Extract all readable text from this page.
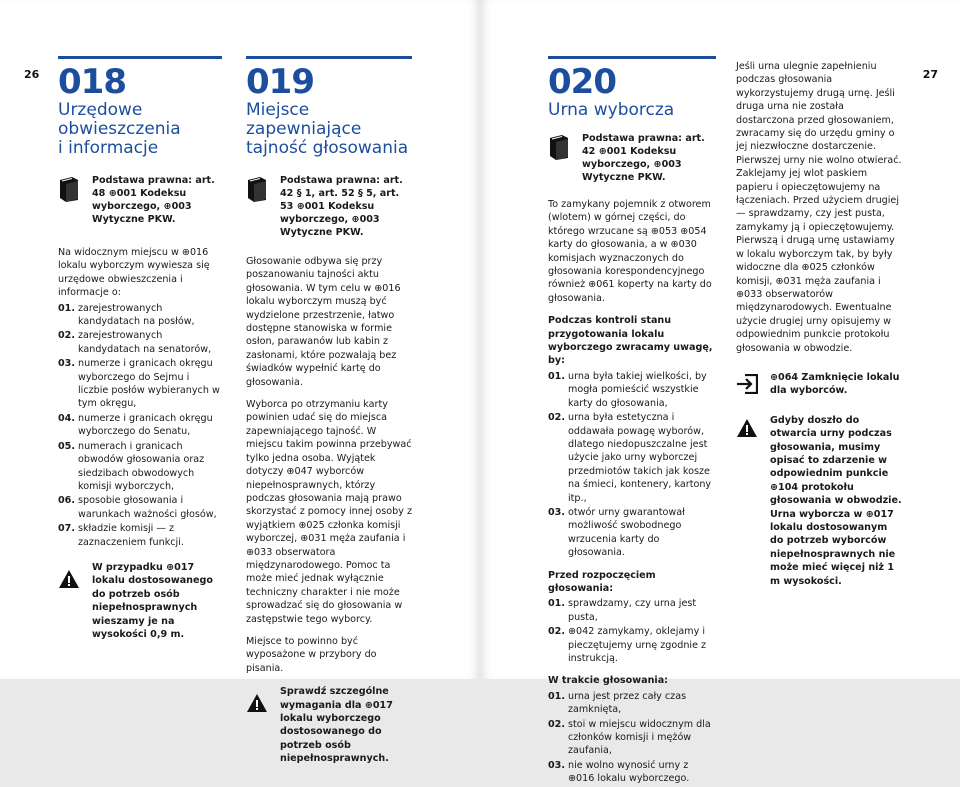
26 018
Urzędowe
obwieszczenia
i informacje
Podstawa prawna: art. 48 ⊕001 Kodeksu wyborczego, ⊕003 Wytyczne PKW.

Na widocznym miejscu w ⊕016 lokalu wyborczym wywiesza się urzędowe obwieszczenia i informacje o:

01. zarejestrowanych kandydatach na posłów,
02. zarejestrowanych kandydatach na senatorów,
03. numerze i granicach okręgu wyborczego do Sejmu i liczbie posłów wybieranych w tym okręgu,
04. numerze i granicach okręgu wyborczego do Senatu,
05. numerach i granicach obwodów głosowania oraz siedzibach obwodowych komisji wyborczych,
06. sposobie głosowania i warunkach ważności głosów,
07. składzie komisji — z zaznaczeniem funkcji.
W przypadku ⊕017 lokalu dostosowanego do potrzeb osób niepełnosprawnych wieszamy je na wysokości 0,9 m.
019
Miejsce zapewniające
tajność głosowania
Podstawa prawna: art. 42 § 1, art. 52 § 5, art. 53 ⊕001 Kodeksu wyborczego, ⊕003 Wytyczne PKW.

Głosowanie odbywa się przy poszanowaniu tajności aktu głosowania. W tym celu w ⊕016 lokalu wyborczym muszą być wydzielone przestrzenie, łatwo dostępne stanowiska w formie osłon, parawanów lub kabin z zasłonami, które pozwalają bez świadków wypełnić kartę do głosowania.

Wyborca po otrzymaniu karty powinien udać się do miejsca zapewniającego tajność. W miejscu takim powinna przebywać tylko jedna osoba. Wyjątek dotyczy ⊕047 wyborców niepełnosprawnych, którzy podczas głosowania mają prawo skorzystać z pomocy innej osoby z wyjątkiem ⊕025 członka komisji wyborczej, ⊕031 męża zaufania i ⊕033 obserwatora międzynarodowego. Pomoc ta może mieć jednak wyłącznie techniczny charakter i nie może sprowadzać się do głosowania w zastępstwie tego wyborcy.

Miejsce to powinno być wyposażone w przybory do pisania.

Sprawdź szczególne wymagania dla ⊕017 lokalu wyborczego dostosowanego do potrzeb osób niepełnosprawnych.
27
020
Urna wyborcza
Podstawa prawna: art. 42 ⊕001 Kodeksu wyborczego, ⊕003 Wytyczne PKW.

To zamykany pojemnik z otworem (wlotem) w górnej części, do którego wrzucane są ⊕053 ⊕054 karty do głosowania, a w ⊕030 komisjach wyznaczonych do głosowania korespondencyjnego również ⊕061 koperty na karty do głosowania.

Podczas kontroli stanu przygotowania lokalu wyborczego zwracamy uwagę, by:

01. urna była takiej wielkości, by mogła pomieścić wszystkie karty do głosowania,
02. urna była estetyczna i oddawała powagę wyborów, dlatego niedopuszczalne jest użycie jako urny wyborczej przedmiotów takich jak kosze na śmieci, kontenery, kartony itp.,
03. otwór urny gwarantował możliwość swobodnego wrzucenia karty do głosowania.

Przed rozpoczęciem głosowania:

01. sprawdzamy, czy urna jest pusta,
02. ⊕042 zamykamy, oklejamy i pieczętujemy urnę zgodnie z instrukcją.

W trakcie głosowania:

01. urna jest przez cały czas zamknięta,
02. stoi w miejscu widocznym dla członków komisji i mężów zaufania,
03. nie wolno wynosić urny z ⊕016 lokalu wyborczego.

Jeśli urna ulegnie zapełnieniu podczas głosowania wykorzystujemy drugą urnę. Jeśli druga urna nie została dostarczona przed głosowaniem, zwracamy się do urzędu gminy o jej niezwłoczne dostarczenie. Pierwszej urny nie wolno otwierać. Zaklejamy jej wlot paskiem papieru i opieczętowujemy na łączeniach. Przed użyciem drugiej — sprawdzamy, czy jest pusta, zamykamy ją i opieczętowujemy. Pierwszą i drugą urnę ustawiamy w lokalu wyborczym tak, by były widoczne dla ⊕025 członków komisji, ⊕031 męża zaufania i ⊕033 obserwatorów międzynarodowych. Ewentualne użycie drugiej urny opisujemy w odpowiednim punkcie protokołu głosowania w obwodzie.

⊕064 Zamknięcie lokalu dla wyborców.
Gdyby doszło do otwarcia urny podczas głosowania, musimy opisać to zdarzenie w odpowiednim punkcie ⊕104 protokołu głosowania w obwodzie. Urna wyborcza w ⊕017 lokalu dostosowanym do potrzeb wyborców niepełnosprawnych nie może mieć więcej niż 1 m wysokości.
